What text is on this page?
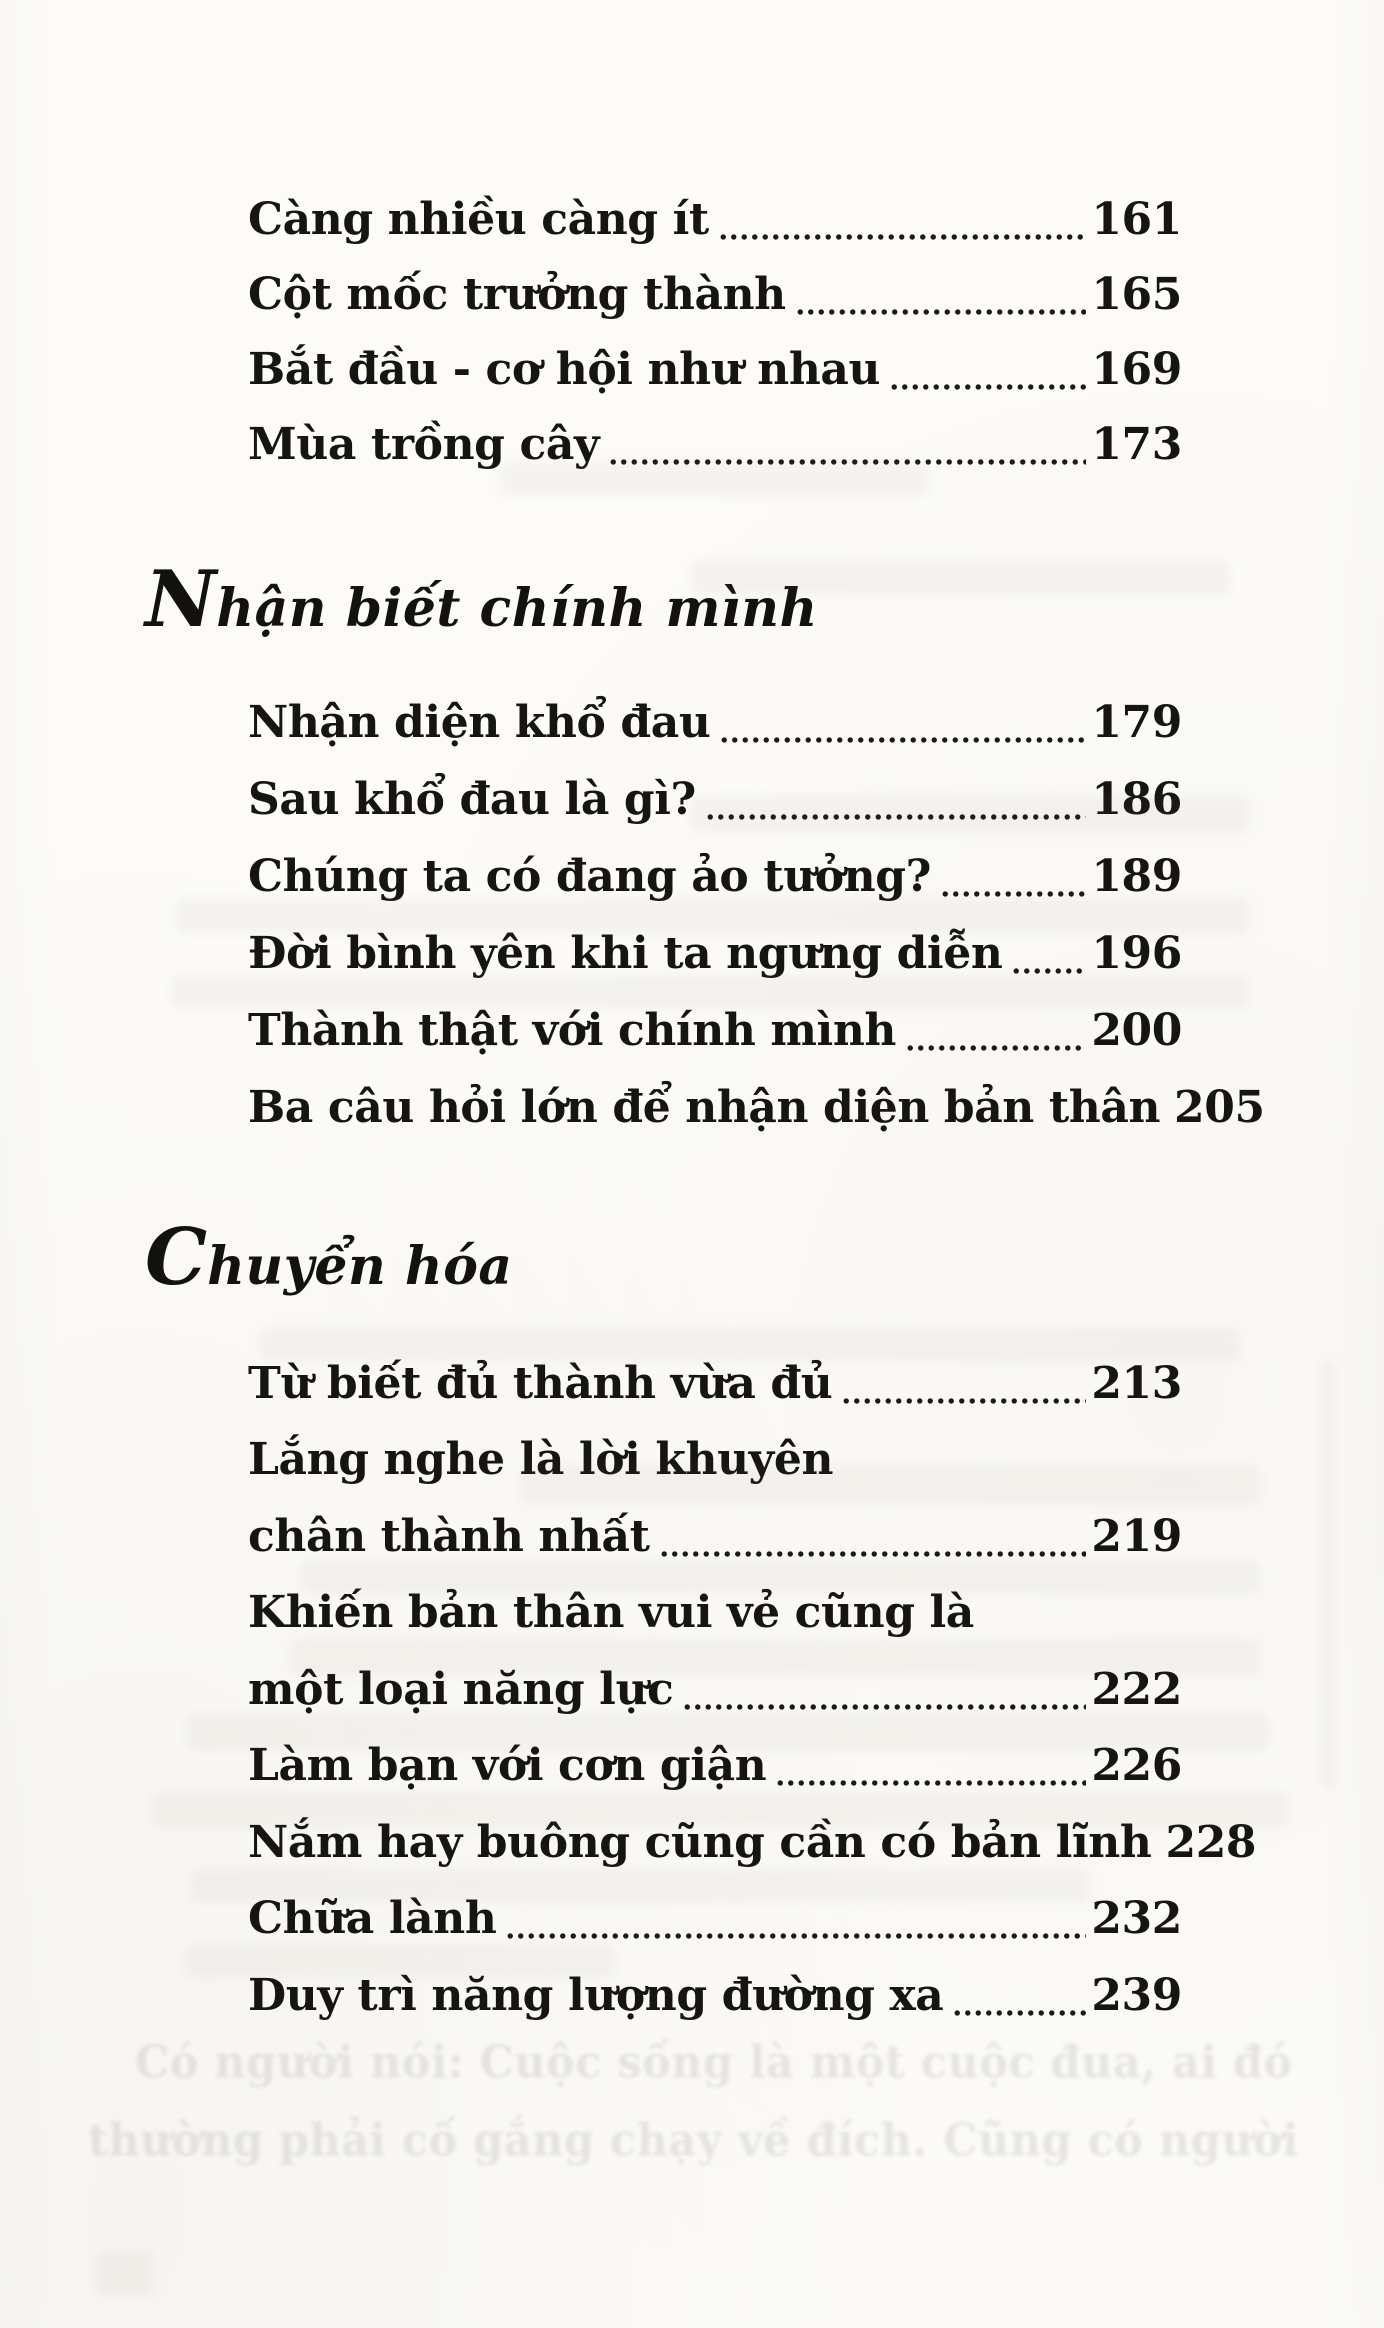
Càng nhiều càng ít	161
Cột mốc trưởng thành	165
Bắt đầu - cơ hội như nhau	169
Mùa trồng cây	173
Nhận biết chính mình
Nhận diện khổ đau	179
Sau khổ đau là gì?	186
Chúng ta có đang ảo tưởng?	189
Đời bình yên khi ta ngưng diễn 196
Thành thật với chính mình	200
Ba câu hỏi lớn để nhận diện bản thân 205
Chuyển hóa
Từ biết đủ thành vừa đủ	213
Lắng nghe là lời khuyên
chân thành nhất	219
Khiến bản thân vui vẻ cũng là
một loại năng lực	222
Làm bạn với cơn giận	226
Nắm hay buông cũng cần có bản lĩnh 228
Chữa lành	232
Duy trì năng lượng đường xa	239
Có người nói: Cuộc sống là một cuộc đua, ai đó
thường phải cố gắng chạy về đích. Cũng có người
